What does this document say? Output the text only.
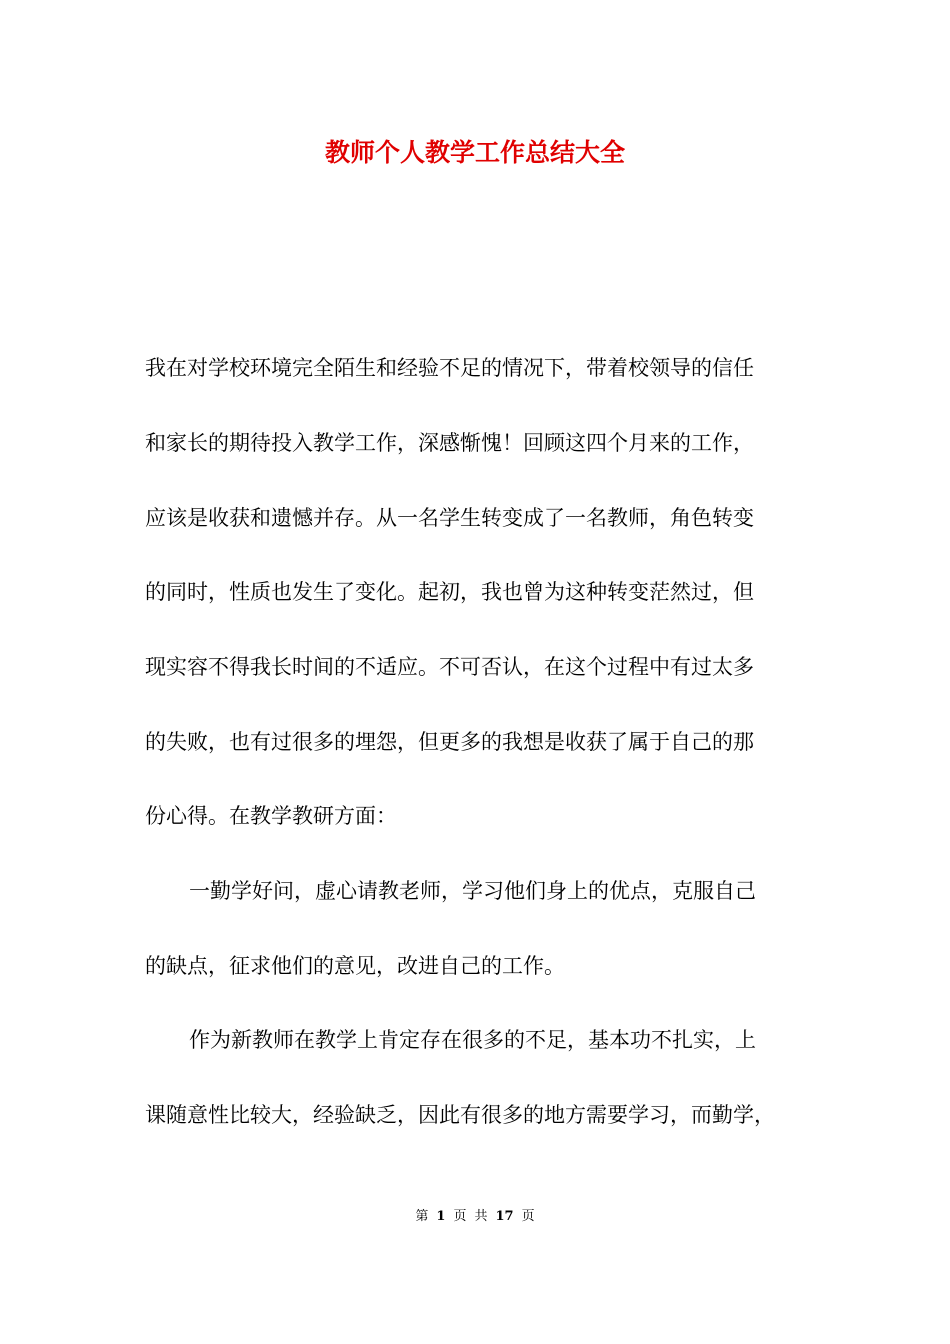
教师个人教学工作总结大全
我在对学校环境完全陌生和经验不足的情况下，带着校领导的信任
和家长的期待投入教学工作，深感惭愧！回顾这四个月来的工作，
应该是收获和遗憾并存。从一名学生转变成了一名教师，角色转变
的同时，性质也发生了变化。起初，我也曾为这种转变茫然过，但
现实容不得我长时间的不适应。不可否认，在这个过程中有过太多
的失败，也有过很多的埋怨，但更多的我想是收获了属于自己的那
份心得。在教学教研方面：
一勤学好问，虚心请教老师，学习他们身上的优点，克服自己
的缺点，征求他们的意见，改进自己的工作。
作为新教师在教学上肯定存在很多的不足，基本功不扎实，上
课随意性比较大，经验缺乏，因此有很多的地方需要学习，而勤学，
第 1 页 共 17 页
